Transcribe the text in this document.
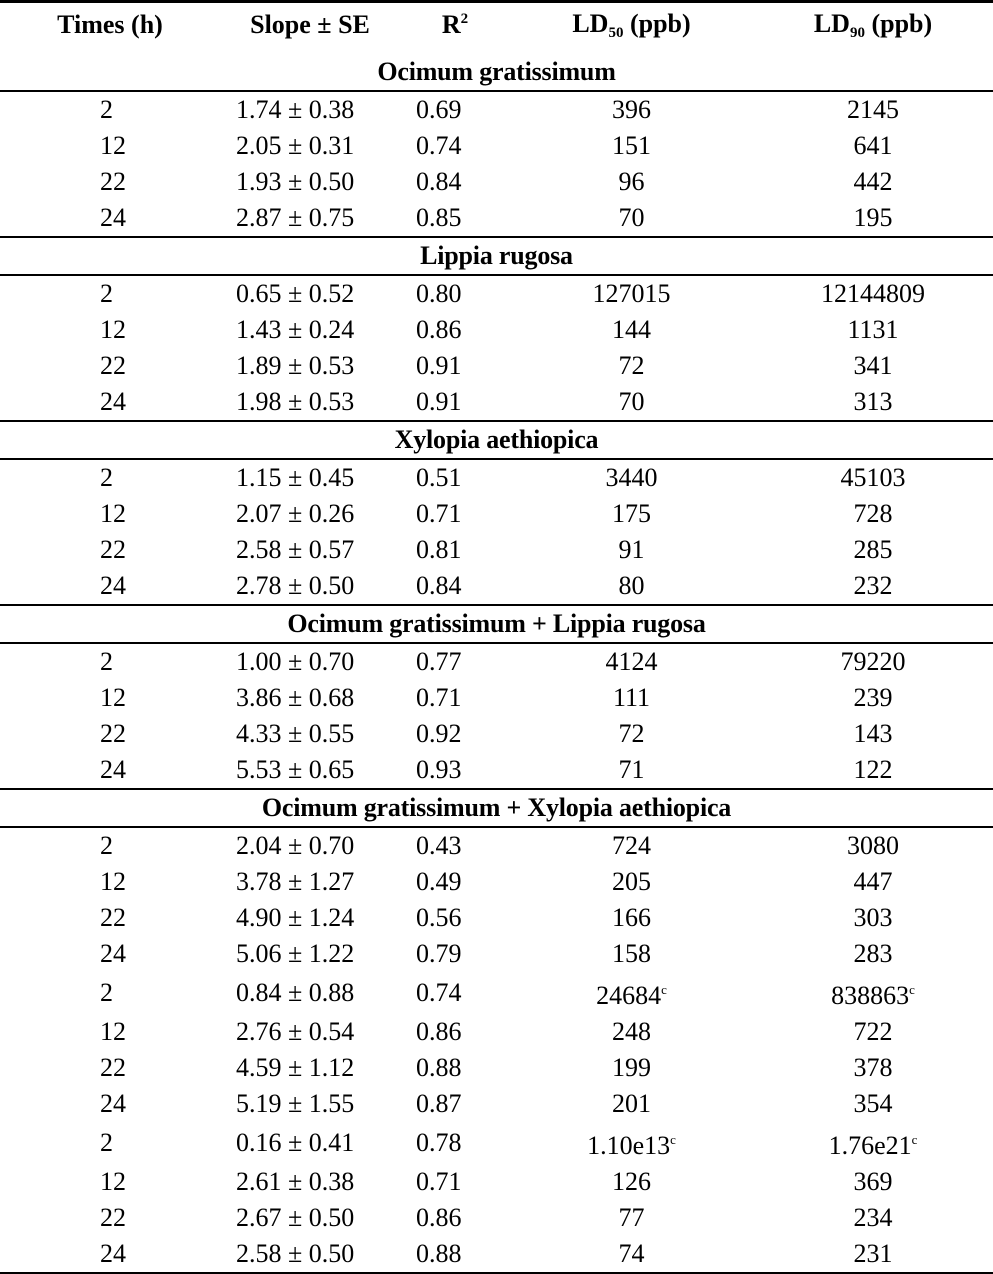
Times (h)	Slope ± SE	$R^2$	$LD_{50}$ (ppb)	$LD_{90}$ (ppb)
Ocimum gratissimum				
2	1.74 ± 0.38	0.69	396	2145
12	2.05 ± 0.31	0.74	151	641
22	1.93 ± 0.50	0.84	96	442
24	2.87 ± 0.75	0.85	70	195
Lippia rugosa				
2	0.65 ± 0.52	0.80	127015	12144809
12	1.43 ± 0.24	0.86	144	1131
22	1.89 ± 0.53	0.91	72	341
24	1.98 ± 0.53	0.91	70	313
Xylopia aethiopica				
2	1.15 ± 0.45	0.51	3440	45103
12	2.07 ± 0.26	0.71	175	728
22	2.58 ± 0.57	0.81	91	285
24	2.78 ± 0.50	0.84	80	232
Ocimum gratissimum + Lippia rugosa				
2	1.00 ± 0.70	0.77	4124	79220
12	3.86 ± 0.68	0.71	111	239
22	4.33 ± 0.55	0.92	72	143
24	5.53 ± 0.65	0.93	71	122
Ocimum gratissimum + Xylopia aethiopica				
2	2.04 ± 0.70	0.43	724	3080
12	3.78 ± 1.27	0.49	205	447
22	4.90 ± 1.24	0.56	166	303
24	5.06 ± 1.22	0.79	158	283
2	0.84 ± 0.88	0.74	24684$^c$	838863$^c$
12	2.76 ± 0.54	0.86	248	722
22	4.59 ± 1.12	0.88	199	378
24	5.19 ± 1.55	0.87	201	354
2	0.16 ± 0.41	0.78	1.10e13$^c$	1.76e21$^c$
12	2.61 ± 0.38	0.71	126	369
22	2.67 ± 0.50	0.86	77	234
24	2.58 ± 0.50	0.88	74	231
